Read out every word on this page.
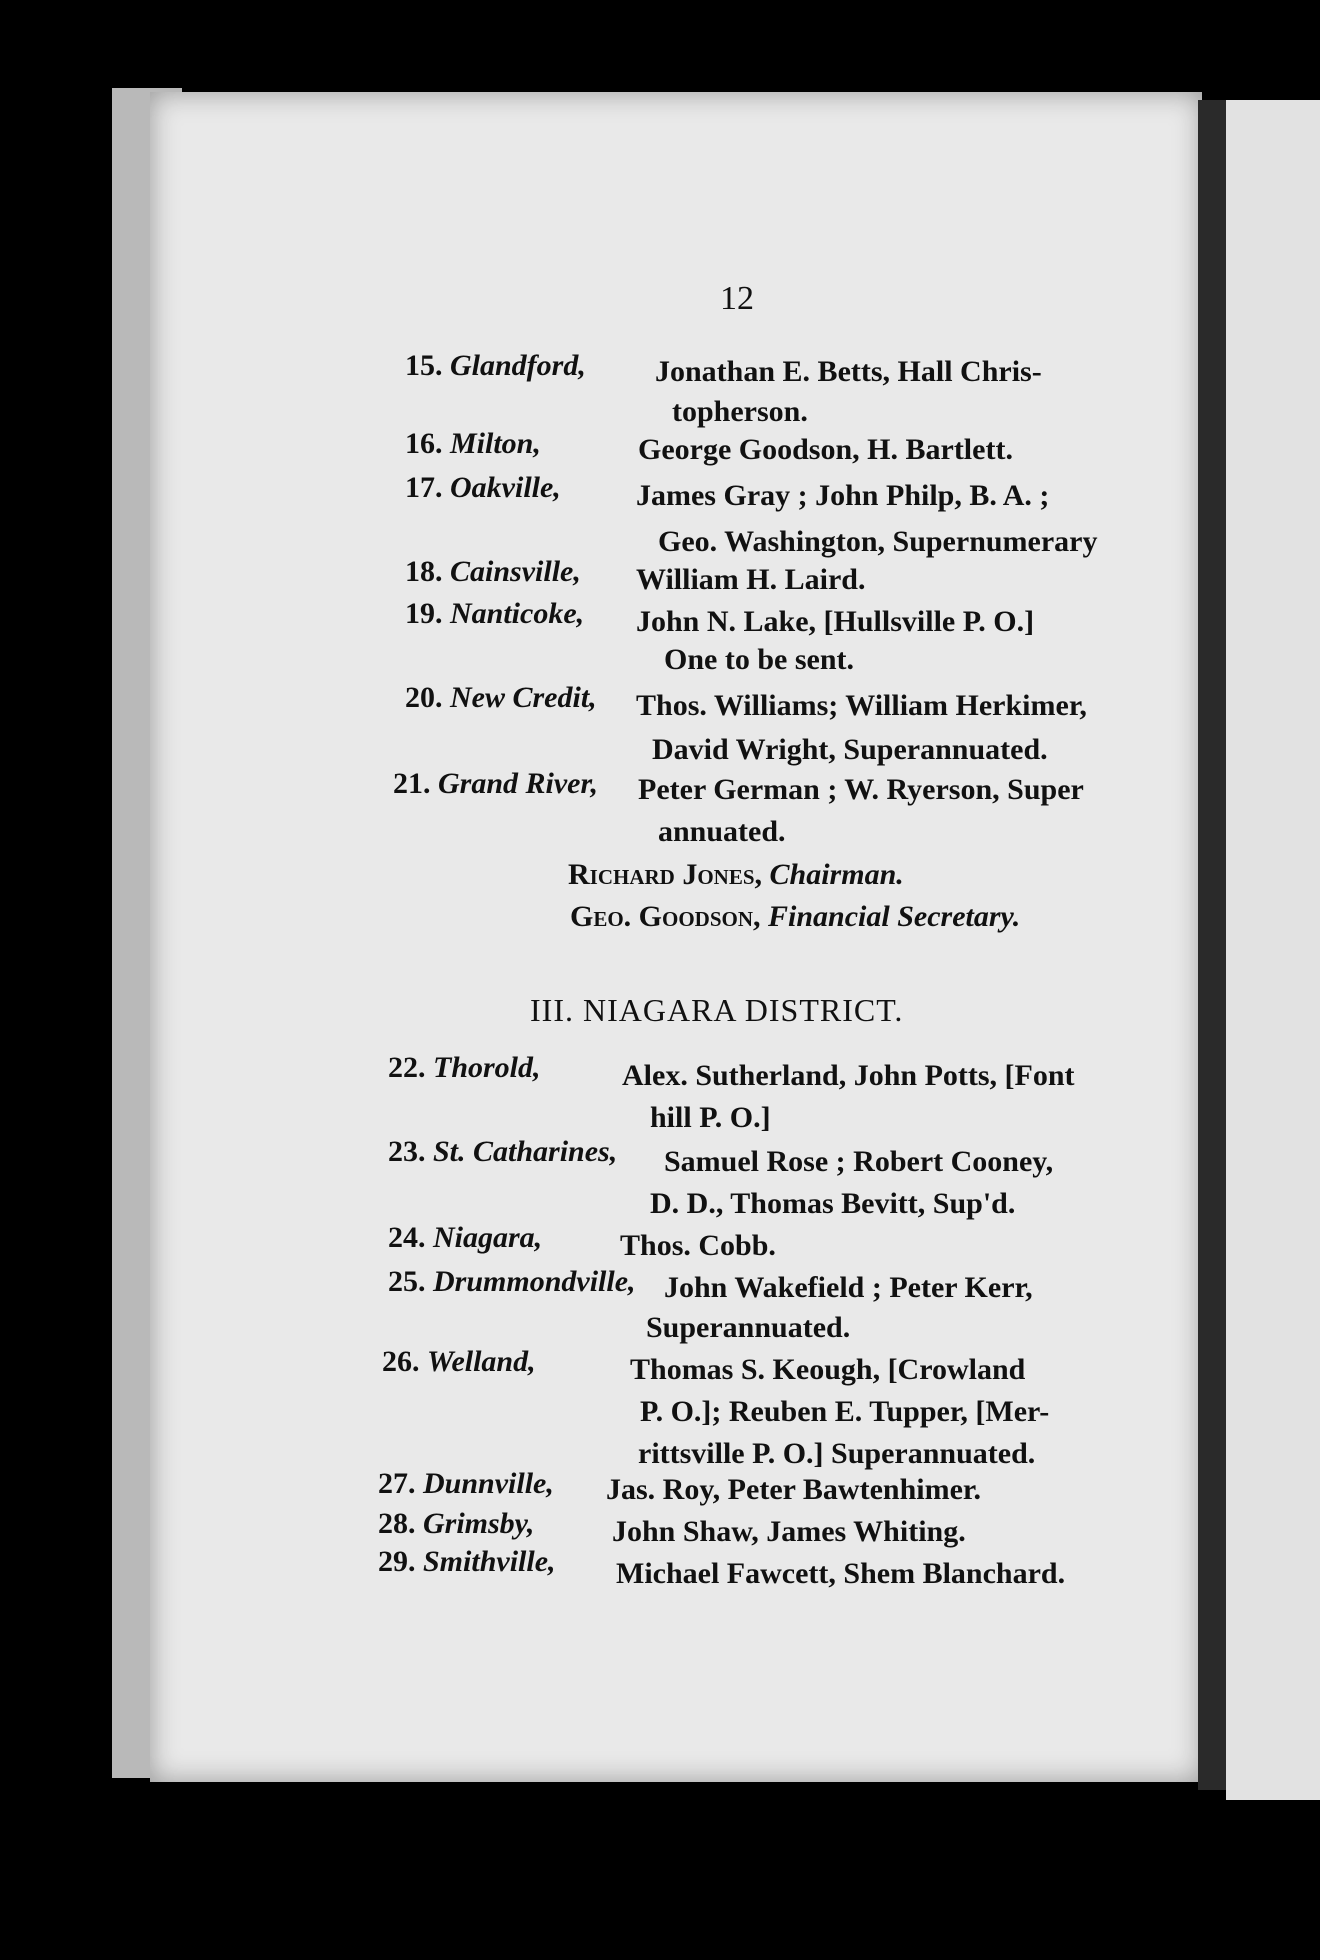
12
15. Glandford, Jonathan E. Betts, Hall Chris-
topherson.
16. Milton,	George Goodson, H. Bartlett.
17. Oakville,	James Gray ; John Philp, B. A. ;
Geo. Washington, Supernumerary
18. Cainsville, William H. Laird.
19. Nanticoke, John N. Lake, [Hullsville P. O.]
One to be sent.
20. New Credit, Thos. Williams; William Herkimer,
David Wright, Superannuated.
21. Grand River, Peter German ; W. Ryerson, Super
annuated.
Richard Jones, Chairman.
Geo. Goodson, Financial Secretary.
III. NIAGARA DISTRICT.
22. Thorold,	Alex. Sutherland, John Potts, [Font
hill P. O.]
23. St. Catharines, Samuel Rose ; Robert Cooney,
D. D., Thomas Bevitt, Sup'd.
24. Niagara,	Thos. Cobb.
25. Drummondville, John Wakefield ; Peter Kerr,
Superannuated.
26. Welland,	Thomas S. Keough, [Crowland
P. O.]; Reuben E. Tupper, [Mer-
rittsville P. O.] Superannuated.
27. Dunnville, Jas. Roy, Peter Bawtenhimer.
28. Grimsby,	John Shaw, James Whiting.
29. Smithville, Michael Fawcett, Shem Blanchard.
